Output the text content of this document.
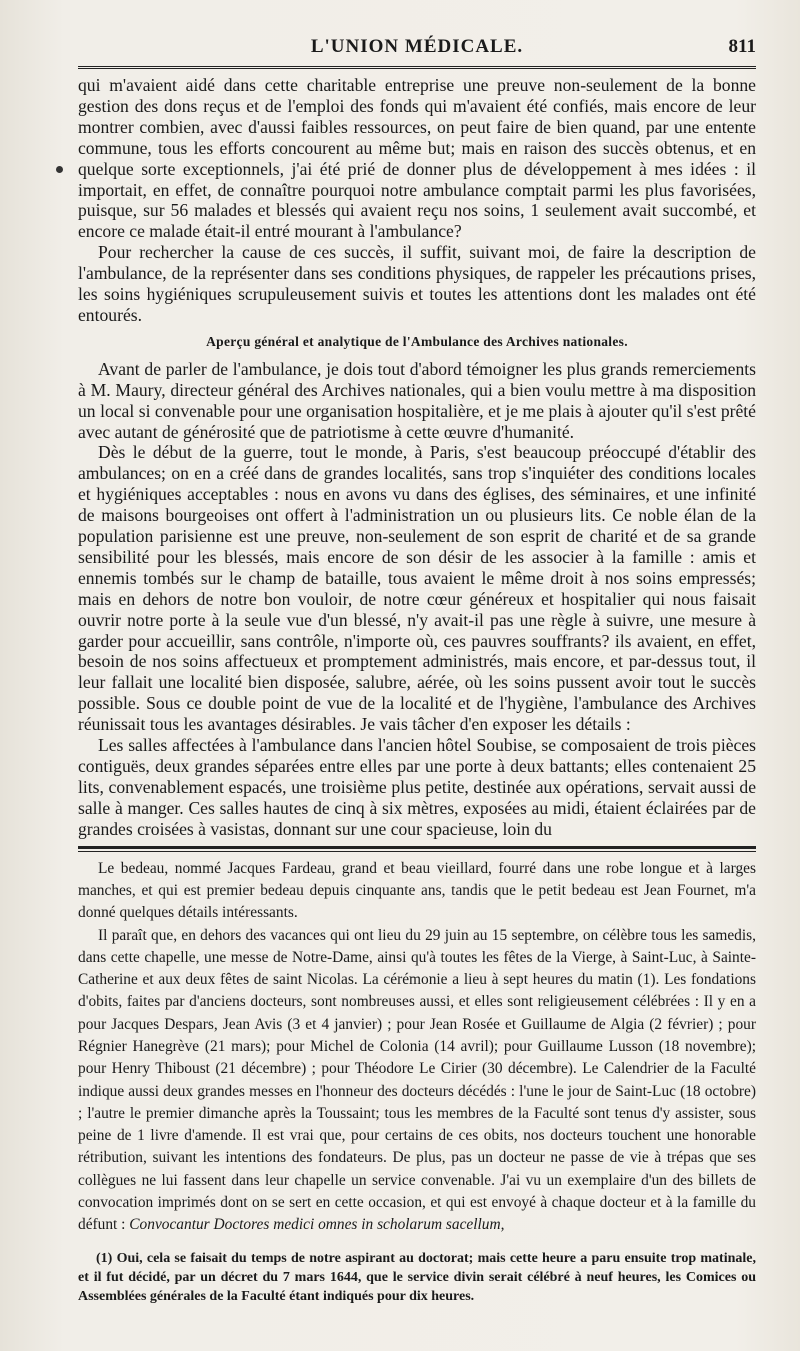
L'UNION MÉDICALE.	811

qui m'avaient aidé dans cette charitable entreprise une preuve non-seulement de la bonne gestion des dons reçus et de l'emploi des fonds qui m'avaient été confiés, mais encore de leur montrer combien, avec d'aussi faibles ressources, on peut faire de bien quand, par une entente commune, tous les efforts concourent au même but; mais en raison des succès obtenus, et en quelque sorte exceptionnels, j'ai été prié de donner plus de développement à mes idées : il importait, en effet, de connaître pourquoi notre ambulance comptait parmi les plus favorisées, puisque, sur 56 malades et blessés qui avaient reçu nos soins, 1 seulement avait succombé, et encore ce malade était-il entré mourant à l'ambulance?

Pour rechercher la cause de ces succès, il suffit, suivant moi, de faire la description de l'ambulance, de la représenter dans ses conditions physiques, de rappeler les précautions prises, les soins hygiéniques scrupuleusement suivis et toutes les attentions dont les malades ont été entourés.

Aperçu général et analytique de l'Ambulance des Archives nationales.

Avant de parler de l'ambulance, je dois tout d'abord témoigner les plus grands remerciements à M. Maury, directeur général des Archives nationales, qui a bien voulu mettre à ma disposition un local si convenable pour une organisation hospitalière, et je me plais à ajouter qu'il s'est prêté avec autant de générosité que de patriotisme à cette œuvre d'humanité.

Dès le début de la guerre, tout le monde, à Paris, s'est beaucoup préoccupé d'établir des ambulances; on en a créé dans de grandes localités, sans trop s'inquiéter des conditions locales et hygiéniques acceptables : nous en avons vu dans des églises, des séminaires, et une infinité de maisons bourgeoises ont offert à l'administration un ou plusieurs lits. Ce noble élan de la population parisienne est une preuve, non-seulement de son esprit de charité et de sa grande sensibilité pour les blessés, mais encore de son désir de les associer à la famille : amis et ennemis tombés sur le champ de bataille, tous avaient le même droit à nos soins empressés; mais en dehors de notre bon vouloir, de notre cœur généreux et hospitalier qui nous faisait ouvrir notre porte à la seule vue d'un blessé, n'y avait-il pas une règle à suivre, une mesure à garder pour accueillir, sans contrôle, n'importe où, ces pauvres souffrants? ils avaient, en effet, besoin de nos soins affectueux et promptement administrés, mais encore, et par-dessus tout, il leur fallait une localité bien disposée, salubre, aérée, où les soins pussent avoir tout le succès possible. Sous ce double point de vue de la localité et de l'hygiène, l'ambulance des Archives réunissait tous les avantages désirables. Je vais tâcher d'en exposer les détails :

Les salles affectées à l'ambulance dans l'ancien hôtel Soubise, se composaient de trois pièces contiguës, deux grandes séparées entre elles par une porte à deux battants; elles contenaient 25 lits, convenablement espacés, une troisième plus petite, destinée aux opérations, servait aussi de salle à manger. Ces salles hautes de cinq à six mètres, exposées au midi, étaient éclairées par de grandes croisées à vasistas, donnant sur une cour spacieuse, loin du

Le bedeau, nommé Jacques Fardeau, grand et beau vieillard, fourré dans une robe longue et à larges manches, et qui est premier bedeau depuis cinquante ans, tandis que le petit bedeau est Jean Fournet, m'a donné quelques détails intéressants.

Il paraît que, en dehors des vacances qui ont lieu du 29 juin au 15 septembre, on célèbre tous les samedis, dans cette chapelle, une messe de Notre-Dame, ainsi qu'à toutes les fêtes de la Vierge, à Saint-Luc, à Sainte-Catherine et aux deux fêtes de saint Nicolas. La cérémonie a lieu à sept heures du matin (1). Les fondations d'obits, faites par d'anciens docteurs, sont nombreuses aussi, et elles sont religieusement célébrées : Il y en a pour Jacques Despars, Jean Avis (3 et 4 janvier) ; pour Jean Rosée et Guillaume de Algia (2 février) ; pour Régnier Hanegrève (21 mars); pour Michel de Colonia (14 avril); pour Guillaume Lusson (18 novembre); pour Henry Thiboust (21 décembre) ; pour Théodore Le Cirier (30 décembre). Le Calendrier de la Faculté indique aussi deux grandes messes en l'honneur des docteurs décédés : l'une le jour de Saint-Luc (18 octobre) ; l'autre le premier dimanche après la Toussaint; tous les membres de la Faculté sont tenus d'y assister, sous peine de 1 livre d'amende. Il est vrai que, pour certains de ces obits, nos docteurs touchent une honorable rétribution, suivant les intentions des fondateurs. De plus, pas un docteur ne passe de vie à trépas que ses collègues ne lui fassent dans leur chapelle un service convenable. J'ai vu un exemplaire d'un des billets de convocation imprimés dont on se sert en cette occasion, et qui est envoyé à chaque docteur et à la famille du défunt : Convocantur Doctores medici omnes in scholarum sacellum,

(1) Oui, cela se faisait du temps de notre aspirant au doctorat; mais cette heure a paru ensuite trop matinale, et il fut décidé, par un décret du 7 mars 1644, que le service divin serait célébré à neuf heures, les Comices ou Assemblées générales de la Faculté étant indiqués pour dix heures.
